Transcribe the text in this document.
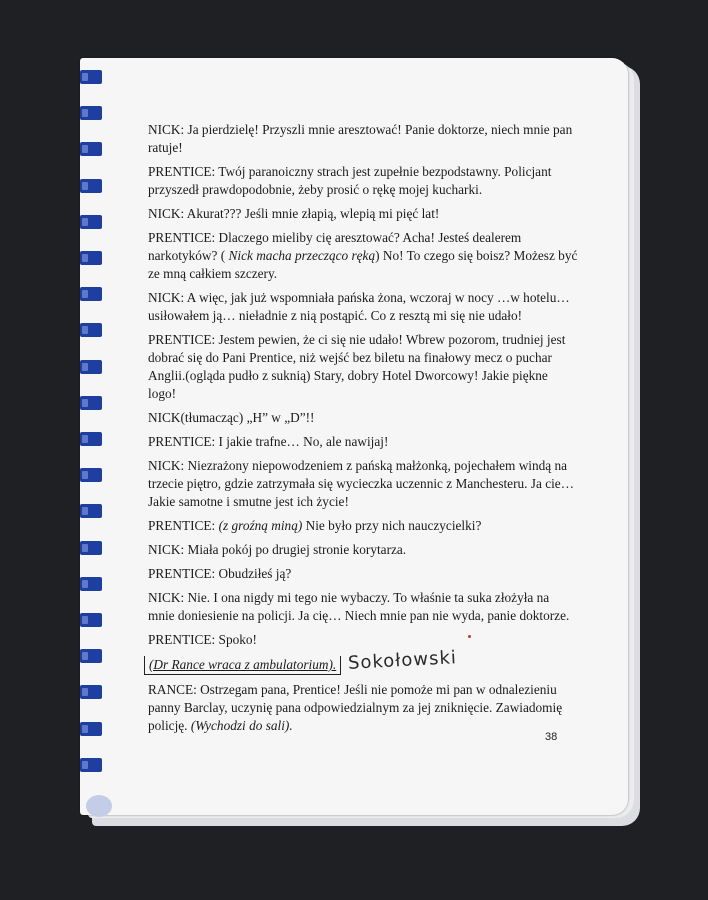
NICK: Ja pierdzielę! Przyszli mnie aresztować! Panie doktorze, niech mnie pan
ratuje!
PRENTICE: Twój paranoiczny strach jest zupełnie bezpodstawny. Policjant
przyszedł prawdopodobnie, żeby prosić o rękę mojej kucharki.
NICK: Akurat??? Jeśli mnie złapią, wlepią mi pięć lat!
PRENTICE: Dlaczego mieliby cię aresztować? Acha! Jesteś dealerem
narkotyków? ( Nick macha przecząco ręką) No! To czego się boisz? Możesz być
ze mną całkiem szczery.
NICK: A więc, jak już wspomniała pańska żona, wczoraj w nocy …w hotelu…
usiłowałem ją… nieładnie z nią postąpić. Co z resztą mi się nie udało!
PRENTICE: Jestem pewien, że ci się nie udało! Wbrew pozorom, trudniej jest
dobrać się do Pani Prentice, niż wejść bez biletu na finałowy mecz o puchar
Anglii.(ogląda pudło z suknią) Stary, dobry Hotel Dworcowy! Jakie piękne
logo!
NICK(tłumacząc) „H” w „D”!!
PRENTICE: I jakie trafne… No, ale nawijaj!
NICK: Niezrażony niepowodzeniem z pańską małżonką, pojechałem windą na
trzecie piętro, gdzie zatrzymała się wycieczka uczennic z Manchesteru. Ja cie…
Jakie samotne i smutne jest ich życie!
PRENTICE: (z groźną miną) Nie było przy nich nauczycielki?
NICK: Miała pokój po drugiej stronie korytarza.
PRENTICE: Obudziłeś ją?
NICK: Nie. I ona nigdy mi tego nie wybaczy. To właśnie ta suka złożyła na
mnie doniesienie na policji. Ja cię… Niech mnie pan nie wyda, panie doktorze.
PRENTICE: Spoko!
(Dr Rance wraca z ambulatorium).
RANCE: Ostrzegam pana, Prentice! Jeśli nie pomoże mi pan w odnalezieniu
panny Barclay, uczynię pana odpowiedzialnym za jej zniknięcie. Zawiadomię
policję. (Wychodzi do sali).
Sokołowski
38
